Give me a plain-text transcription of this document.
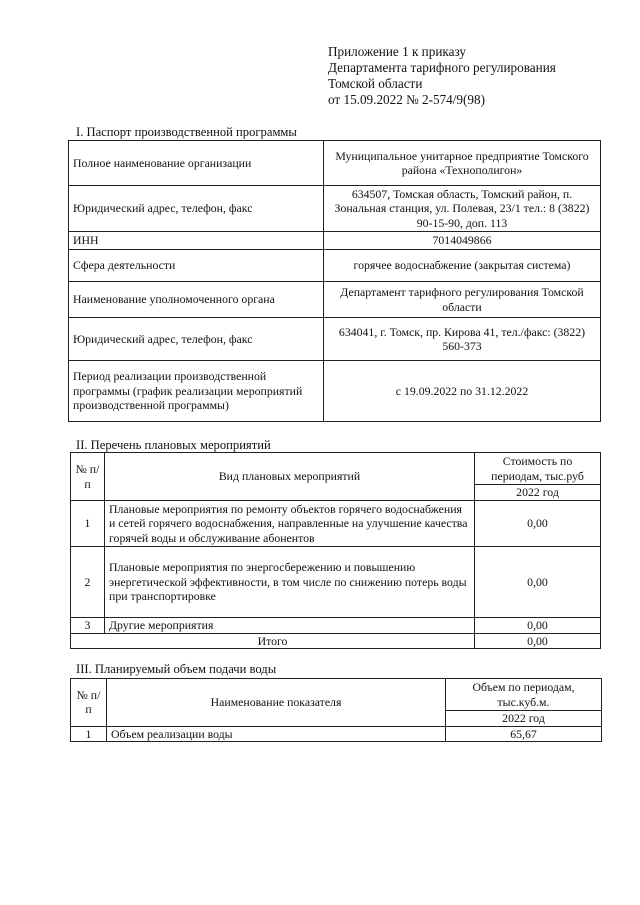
Приложение 1 к приказу
Департамента тарифного регулирования
Томской области
от 15.09.2022 № 2-574/9(98)
I. Паспорт производственной программы
Полное наименование организации	Муниципальное унитарное предприятие Томского района «Технополигон»
Юридический адрес, телефон, факс	634507, Томская область, Томский район, п. Зональная станция, ул. Полевая, 23/1 тел.: 8 (3822) 90-15-90, доп. 113
ИНН	7014049866
Сфера деятельности	горячее водоснабжение (закрытая система)
Наименование уполномоченного органа	Департамент тарифного регулирования Томской области
Юридический адрес, телефон, факс	634041, г. Томск, пр. Кирова 41, тел./факс: (3822) 560-373
Период реализации производственной программы (график реализации мероприятий производственной программы)	с 19.09.2022 по 31.12.2022
II. Перечень плановых мероприятий
№ п/п	Вид плановых мероприятий	Стоимость по периодам, тыс.руб
		2022 год
1	Плановые мероприятия по ремонту объектов горячего водоснабжения и сетей горячего водоснабжения, направленные на улучшение качества горячей воды и обслуживание абонентов	0,00
2	Плановые мероприятия по энергосбережению и повышению энергетической эффективности, в том числе по снижению потерь воды при транспортировке	0,00
3	Другие мероприятия	0,00
Итого		0,00
III. Планируемый объем подачи воды
№ п/п	Наименование показателя	Объем по периодам, тыс.куб.м.
		2022 год
1	Объем реализации воды	65,67
